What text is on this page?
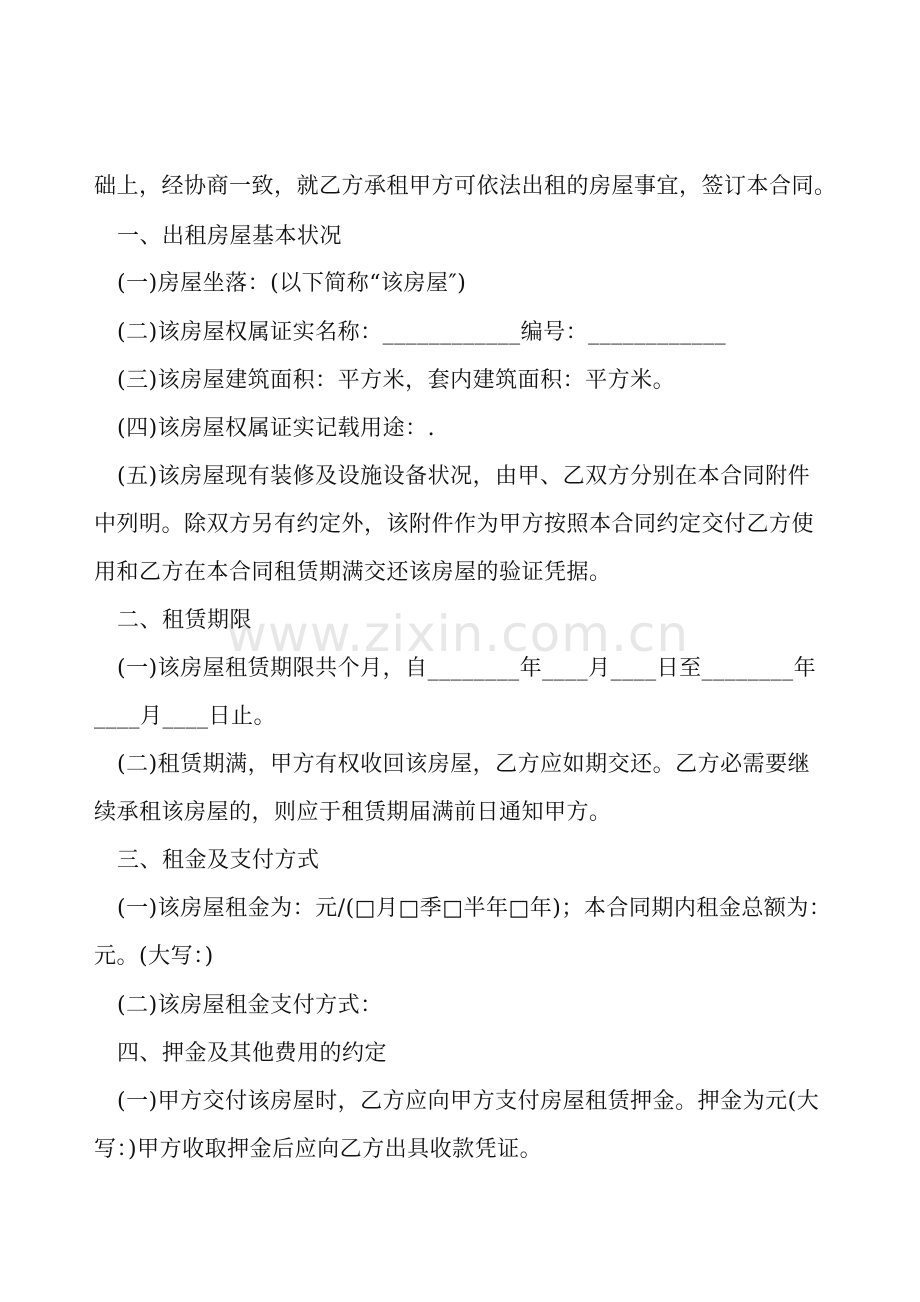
础上，经协商一致，就乙方承租甲方可依法出租的房屋事宜，签订本合同。
一、出租房屋基本状况
(一)房屋坐落：(以下简称“该房屋″)
(二)该房屋权属证实名称：____________编号：____________
(三)该房屋建筑面积：平方米，套内建筑面积：平方米。
(四)该房屋权属证实记载用途：.
(五)该房屋现有装修及设施设备状况，由甲、乙双方分别在本合同附件
中列明。除双方另有约定外，该附件作为甲方按照本合同约定交付乙方使
用和乙方在本合同租赁期满交还该房屋的验证凭据。
二、租赁期限
(一)该房屋租赁期限共个月，自________年____月____日至________年
____月____日止。
(二)租赁期满，甲方有权收回该房屋，乙方应如期交还。乙方必需要继
续承租该房屋的，则应于租赁期届满前日通知甲方。
三、租金及支付方式
(一)该房屋租金为：元/(□月□季□半年□年)；本合同期内租金总额为：
元。(大写：)
(二)该房屋租金支付方式：
四、押金及其他费用的约定
(一)甲方交付该房屋时，乙方应向甲方支付房屋租赁押金。押金为元(大
写：)甲方收取押金后应向乙方出具收款凭证。
www.zixin.com.cn
